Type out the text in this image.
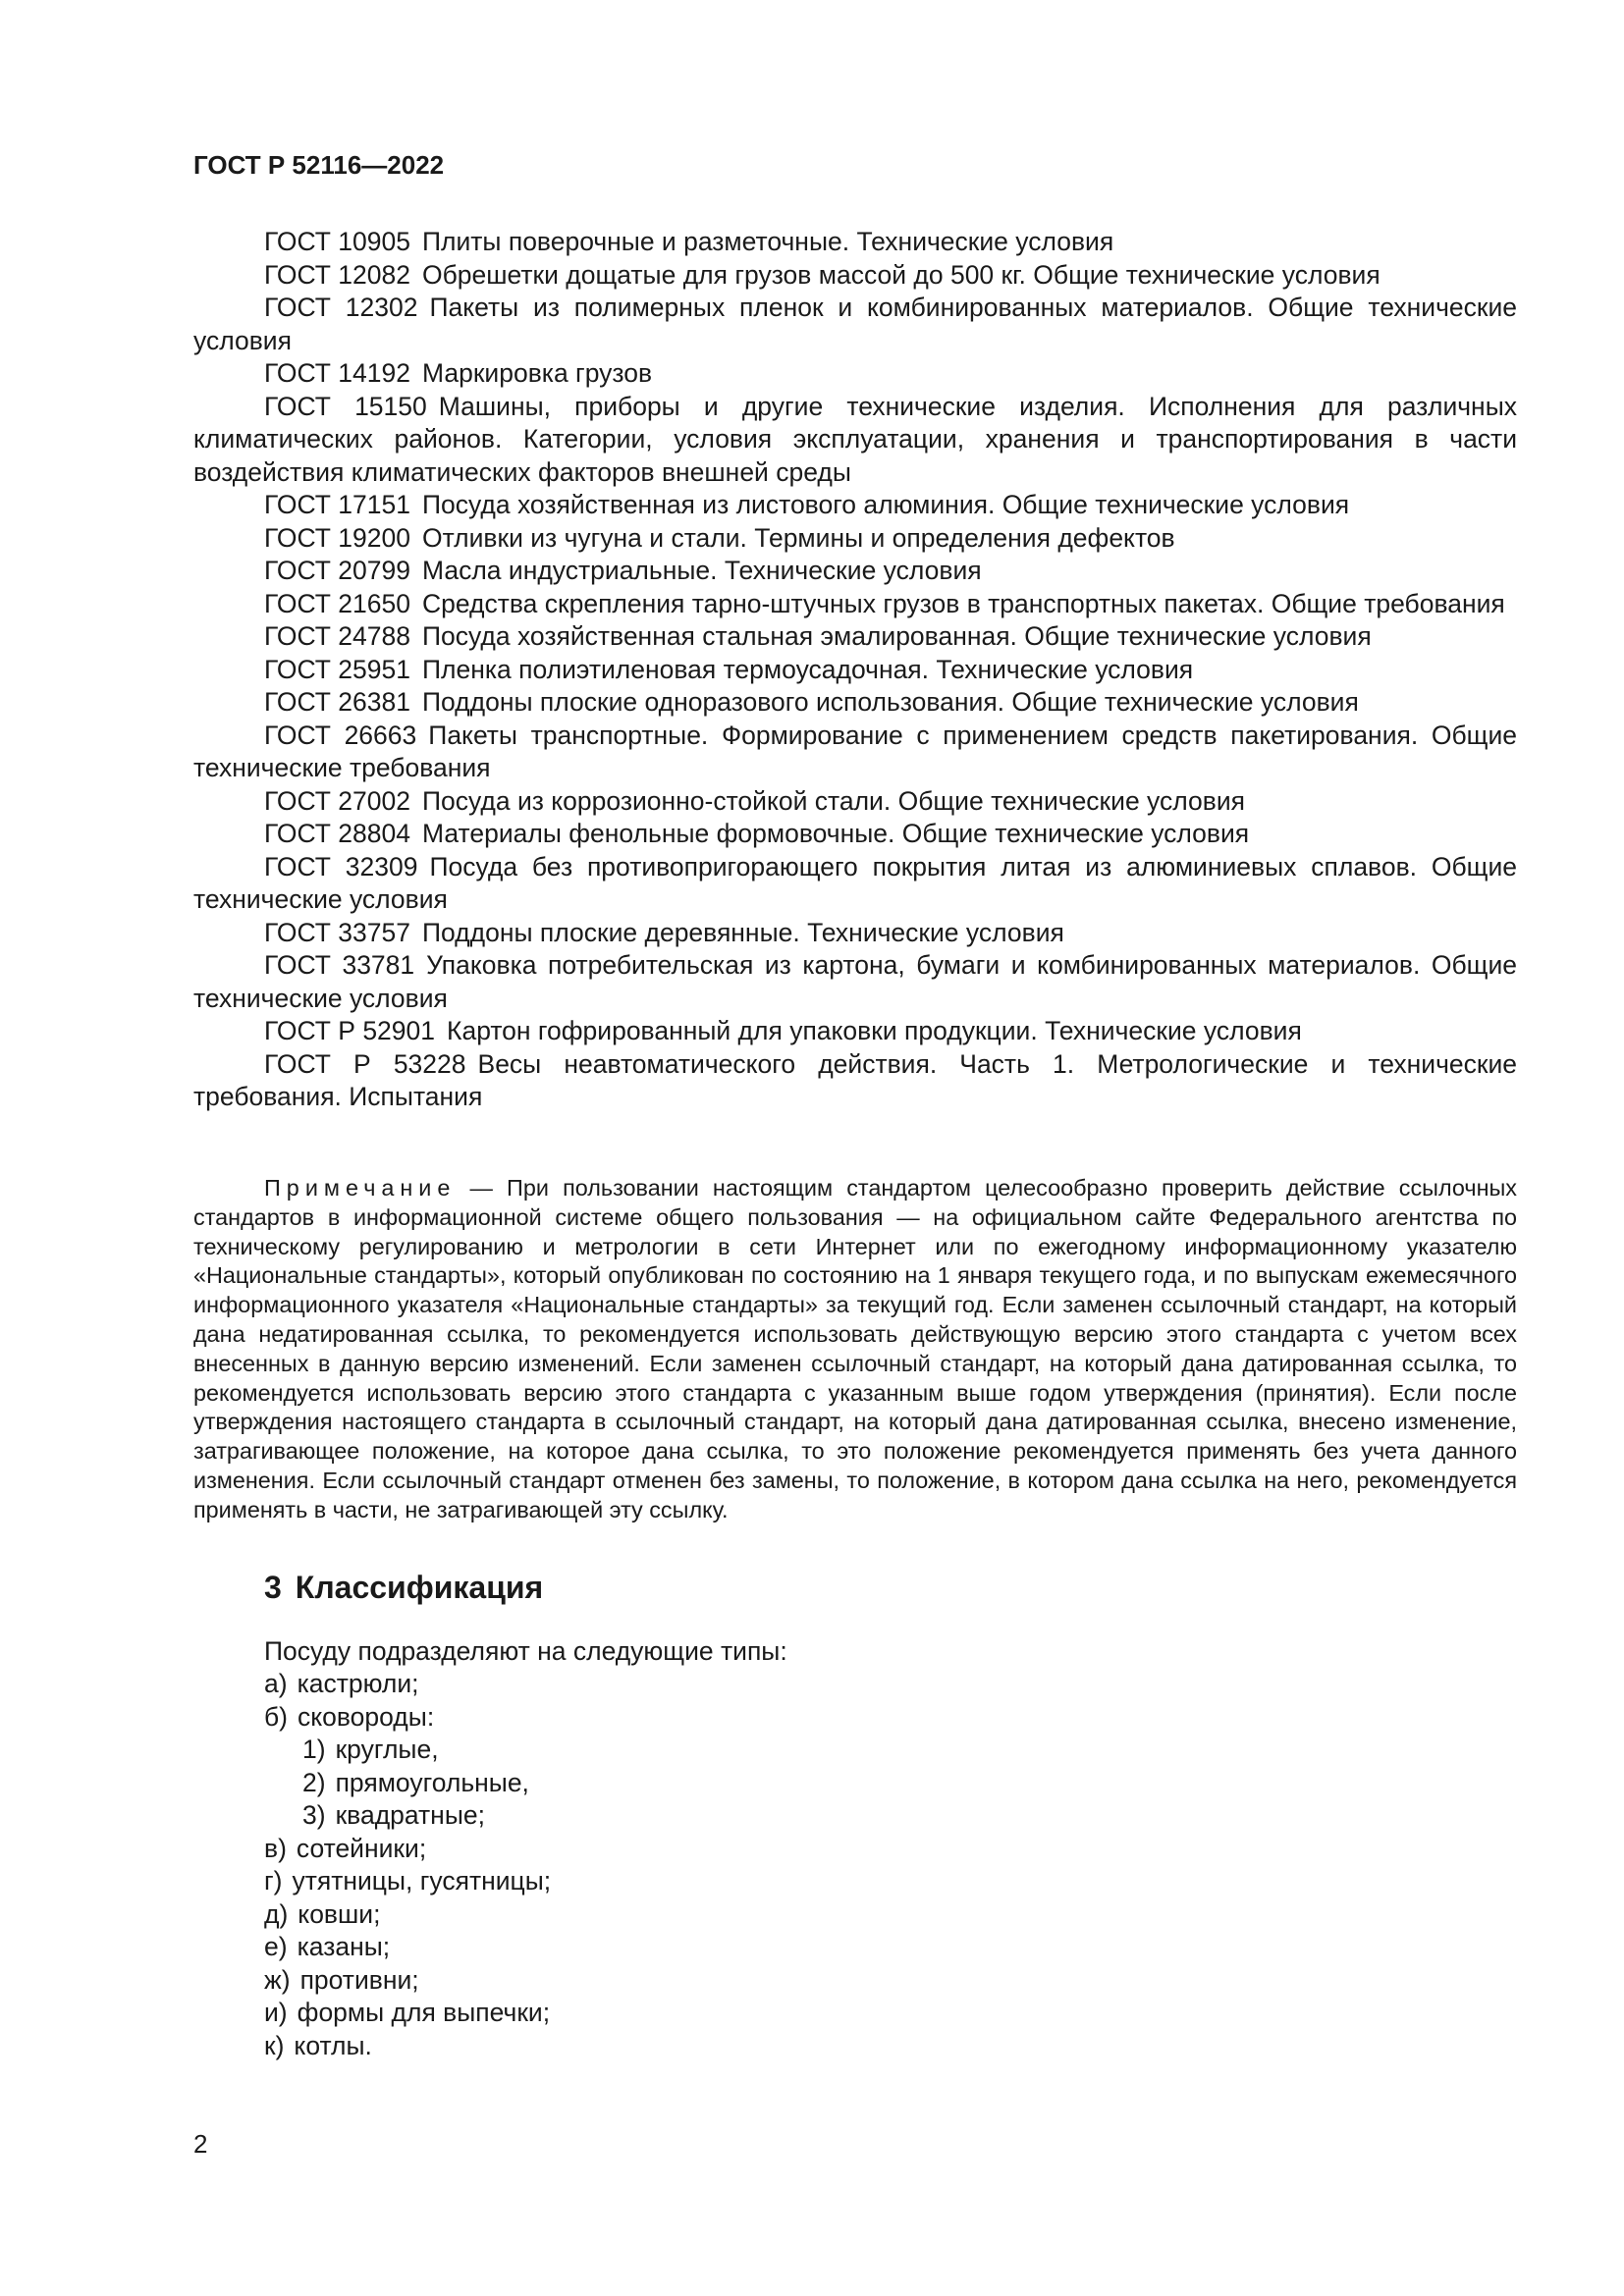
ГОСТ Р 52116—2022
ГОСТ 10905 Плиты поверочные и разметочные. Технические условия
ГОСТ 12082 Обрешетки дощатые для грузов массой до 500 кг. Общие технические условия
ГОСТ 12302 Пакеты из полимерных пленок и комбинированных материалов. Общие технические условия
ГОСТ 14192 Маркировка грузов
ГОСТ 15150 Машины, приборы и другие технические изделия. Исполнения для различных климатических районов. Категории, условия эксплуатации, хранения и транспортирования в части воздействия климатических факторов внешней среды
ГОСТ 17151 Посуда хозяйственная из листового алюминия. Общие технические условия
ГОСТ 19200 Отливки из чугуна и стали. Термины и определения дефектов
ГОСТ 20799 Масла индустриальные. Технические условия
ГОСТ 21650 Средства скрепления тарно-штучных грузов в транспортных пакетах. Общие требования
ГОСТ 24788 Посуда хозяйственная стальная эмалированная. Общие технические условия
ГОСТ 25951 Пленка полиэтиленовая термоусадочная. Технические условия
ГОСТ 26381 Поддоны плоские одноразового использования. Общие технические условия
ГОСТ 26663 Пакеты транспортные. Формирование с применением средств пакетирования. Общие технические требования
ГОСТ 27002 Посуда из коррозионно-стойкой стали. Общие технические условия
ГОСТ 28804 Материалы фенольные формовочные. Общие технические условия
ГОСТ 32309 Посуда без противопригорающего покрытия литая из алюминиевых сплавов. Общие технические условия
ГОСТ 33757 Поддоны плоские деревянные. Технические условия
ГОСТ 33781 Упаковка потребительская из картона, бумаги и комбинированных материалов. Общие технические условия
ГОСТ Р 52901 Картон гофрированный для упаковки продукции. Технические условия
ГОСТ Р 53228 Весы неавтоматического действия. Часть 1. Метрологические и технические требования. Испытания

Примечание — При пользовании настоящим стандартом целесообразно проверить действие ссылочных стандартов в информационной системе общего пользования — на официальном сайте Федерального агентства по техническому регулированию и метрологии в сети Интернет или по ежегодному информационному указателю «Национальные стандарты», который опубликован по состоянию на 1 января текущего года, и по выпускам ежемесячного информационного указателя «Национальные стандарты» за текущий год. Если заменен ссылочный стандарт, на который дана недатированная ссылка, то рекомендуется использовать действующую версию этого стандарта с учетом всех внесенных в данную версию изменений. Если заменен ссылочный стандарт, на который дана датированная ссылка, то рекомендуется использовать версию этого стандарта с указанным выше годом утверждения (принятия). Если после утверждения настоящего стандарта в ссылочный стандарт, на который дана датированная ссылка, внесено изменение, затрагивающее положение, на которое дана ссылка, то это положение рекомендуется применять без учета данного изменения. Если ссылочный стандарт отменен без замены, то положение, в котором дана ссылка на него, рекомендуется применять в части, не затрагивающей эту ссылку.

3 Классификация

Посуду подразделяют на следующие типы:

а) кастрюли;
б) сковороды:
1) круглые,
2) прямоугольные,
3) квадратные;
в) сотейники;
г) утятницы, гусятницы;
д) ковши;
е) казаны;
ж) противни;
и) формы для выпечки;
к) котлы.

2
